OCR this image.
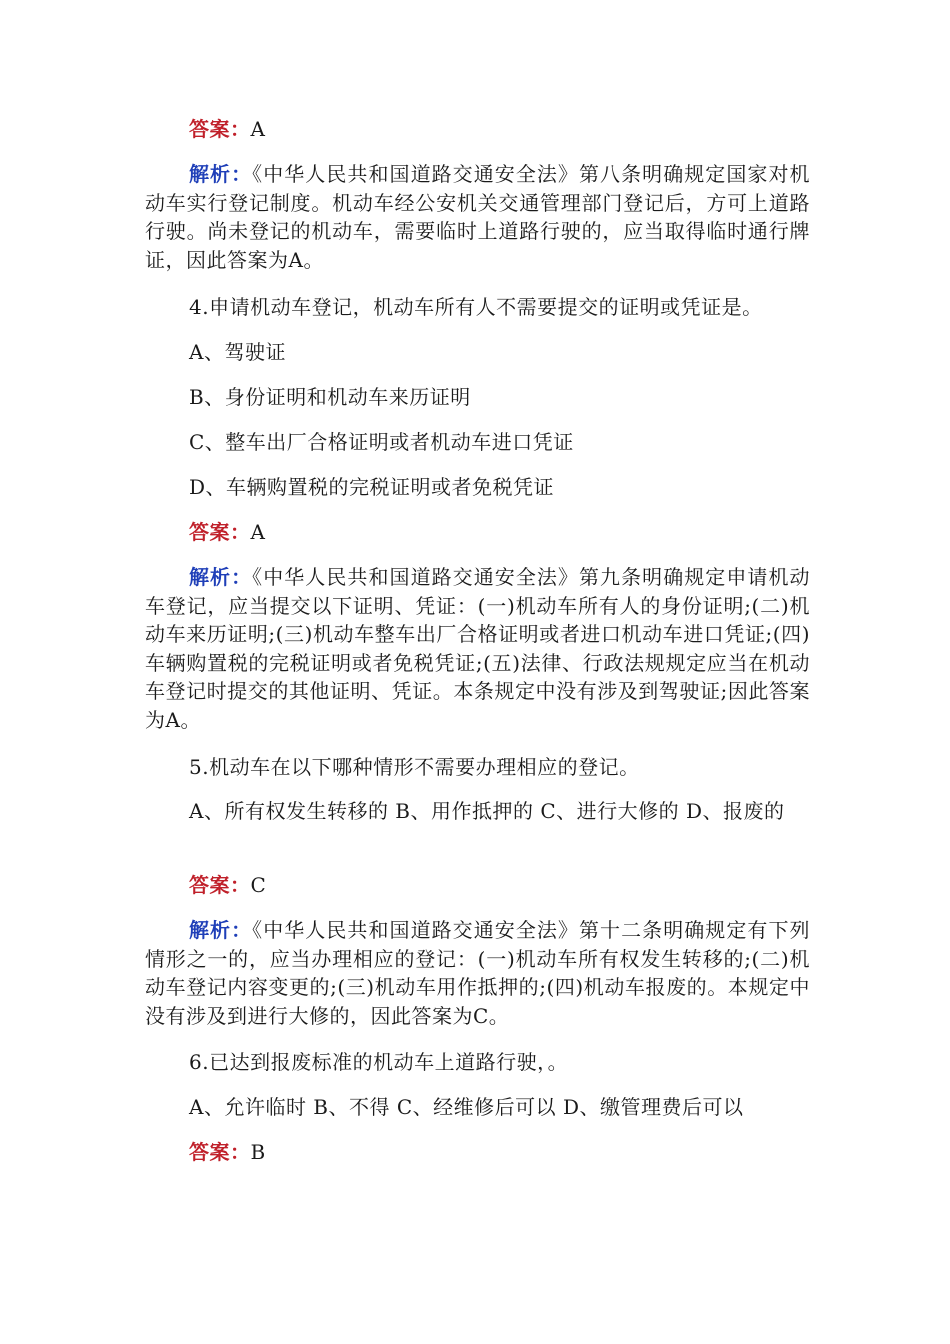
答案：A
解析：《中华人民共和国道路交通安全法》第八条明确规定国家对机动车实行登记制度。机动车经公安机关交通管理部门登记后，方可上道路行驶。尚未登记的机动车，需要临时上道路行驶的，应当取得临时通行牌证，因此答案为A。
4.申请机动车登记，机动车所有人不需要提交的证明或凭证是。
A、驾驶证
B、身份证明和机动车来历证明
C、整车出厂合格证明或者机动车进口凭证
D、车辆购置税的完税证明或者免税凭证
答案：A
解析：《中华人民共和国道路交通安全法》第九条明确规定申请机动车登记，应当提交以下证明、凭证：(一)机动车所有人的身份证明;(二)机动车来历证明;(三)机动车整车出厂合格证明或者进口机动车进口凭证;(四)车辆购置税的完税证明或者免税凭证;(五)法律、行政法规规定应当在机动车登记时提交的其他证明、凭证。本条规定中没有涉及到驾驶证;因此答案为A。
5.机动车在以下哪种情形不需要办理相应的登记。
A、所有权发生转移的 B、用作抵押的 C、进行大修的 D、报废的
答案：C
解析：《中华人民共和国道路交通安全法》第十二条明确规定有下列情形之一的，应当办理相应的登记：(一)机动车所有权发生转移的;(二)机动车登记内容变更的;(三)机动车用作抵押的;(四)机动车报废的。本规定中没有涉及到进行大修的，因此答案为C。
6.已达到报废标准的机动车上道路行驶，。
A、允许临时 B、不得 C、经维修后可以 D、缴管理费后可以
答案：B
